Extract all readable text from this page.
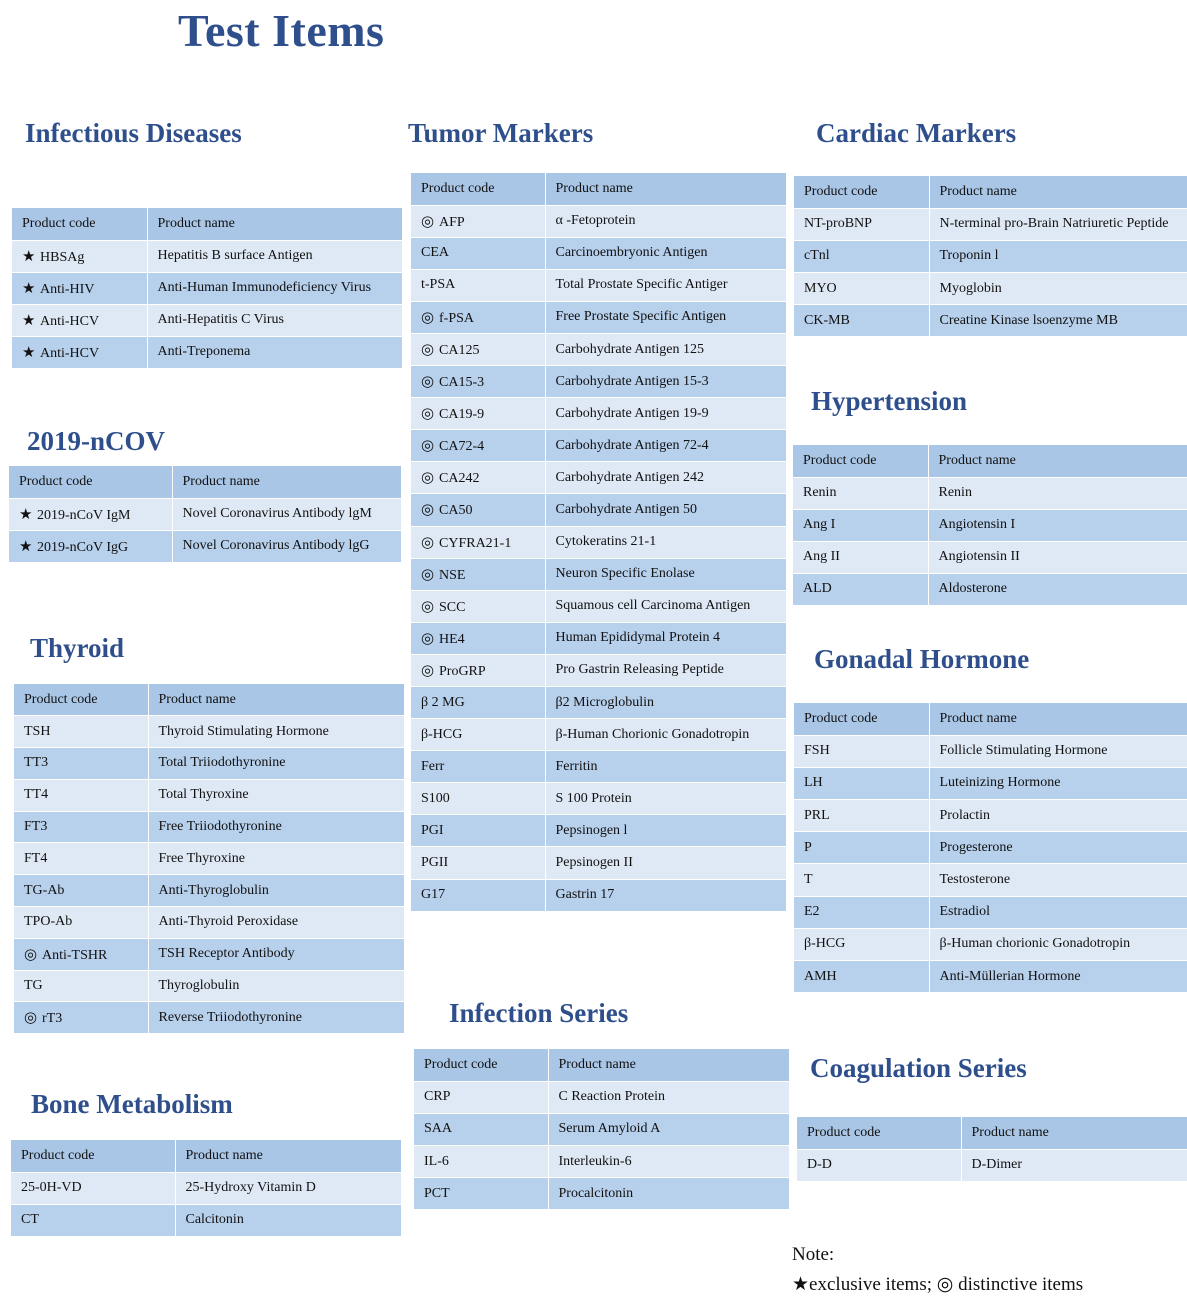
Test Items
Infectious Diseases
2019-nCOV
Thyroid
Bone Metabolism
Tumor Markers
Infection Series
Cardiac Markers
Hypertension
Gonadal Hormone
Coagulation Series
Product code	Product name
★ HBSAg	Hepatitis B surface Antigen
★ Anti-HIV	Anti-Human Immunodeficiency Virus
★ Anti-HCV	Anti-Hepatitis C Virus
★ Anti-HCV	Anti-Treponema
Product code	Product name
★ 2019-nCoV IgM	Novel Coronavirus Antibody lgM
★ 2019-nCoV IgG	Novel Coronavirus Antibody lgG
Product code	Product name
TSH	Thyroid Stimulating Hormone
TT3	Total Triiodothyronine
TT4	Total Thyroxine
FT3	Free Triiodothyronine
FT4	Free Thyroxine
TG-Ab	Anti-Thyroglobulin
TPO-Ab	Anti-Thyroid Peroxidase
◎ Anti-TSHR	TSH Receptor Antibody
TG	Thyroglobulin
◎ rT3	Reverse Triiodothyronine
Product code	Product name
25-0H-VD	25-Hydroxy Vitamin D
CT	Calcitonin
Product code	Product name
◎ AFP	α -Fetoprotein
CEA	Carcinoembryonic Antigen
t-PSA	Total Prostate Specific Antiger
◎ f-PSA	Free Prostate Specific Antigen
◎ CA125	Carbohydrate Antigen 125
◎ CA15-3	Carbohydrate Antigen 15-3
◎ CA19-9	Carbohydrate Antigen 19-9
◎ CA72-4	Carbohydrate Antigen 72-4
◎ CA242	Carbohydrate Antigen 242
◎ CA50	Carbohydrate Antigen 50
◎ CYFRA21-1	Cytokeratins 21-1
◎ NSE	Neuron Specific Enolase
◎ SCC	Squamous cell Carcinoma Antigen
◎ HE4	Human Epididymal Protein 4
◎ ProGRP	Pro Gastrin Releasing Peptide
β 2 MG	β2 Microglobulin
β-HCG	β-Human Chorionic Gonadotropin
Ferr	Ferritin
S100	S 100 Protein
PGI	Pepsinogen l
PGII	Pepsinogen II
G17	Gastrin 17
Product code	Product name
CRP	C Reaction Protein
SAA	Serum Amyloid A
IL-6	Interleukin-6
PCT	Procalcitonin
Product code	Product name
NT-proBNP	N-terminal pro-Brain Natriuretic Peptide
cTnl	Troponin l
MYO	Myoglobin
CK-MB	Creatine Kinase lsoenzyme MB
Product code	Product name
Renin	Renin
Ang I	Angiotensin I
Ang II	Angiotensin II
ALD	Aldosterone
Product code	Product name
FSH	Follicle Stimulating Hormone
LH	Luteinizing Hormone
PRL	Prolactin
P	Progesterone
T	Testosterone
E2	Estradiol
β-HCG	β-Human chorionic Gonadotropin
AMH	Anti-Müllerian Hormone
Product code	Product name
D-D	D-Dimer
Note:
★exclusive items; ◎ distinctive items
